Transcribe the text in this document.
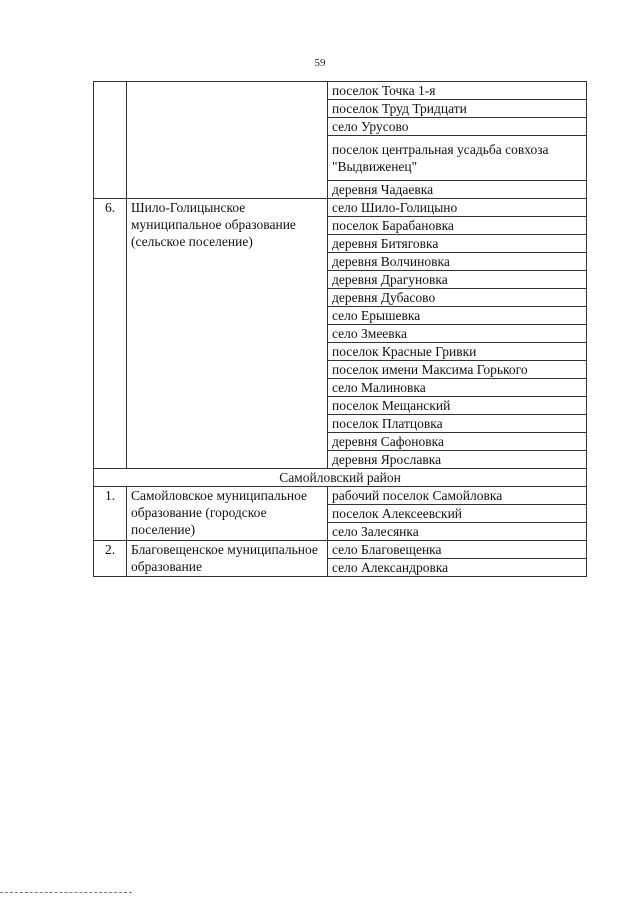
59
		поселок Точка 1-я
		поселок Труд Тридцати
		село Урусово
		поселок центральная усадьба совхоза "Выдвиженец"
		деревня Чадаевка
6.	Шило-Голицынское муниципальное образование (сельское поселение)	село Шило-Голицыно
		поселок Барабановка
		деревня Битяговка
		деревня Волчиновка
		деревня Драгуновка
		деревня Дубасово
		село Ерышевка
		село Змеевка
		поселок Красные Гривки
		поселок имени Максима Горького
		село Малиновка
		поселок Мещанский
		поселок Платцовка
		деревня Сафоновка
		деревня Ярославка
Самойловский район		
1.	Самойловское муниципальное образование (городское поселение)	рабочий поселок Самойловка
		поселок Алексеевский
		село Залесянка
2.	Благовещенское муниципальное образование	село Благовещенка
		село Александровка
